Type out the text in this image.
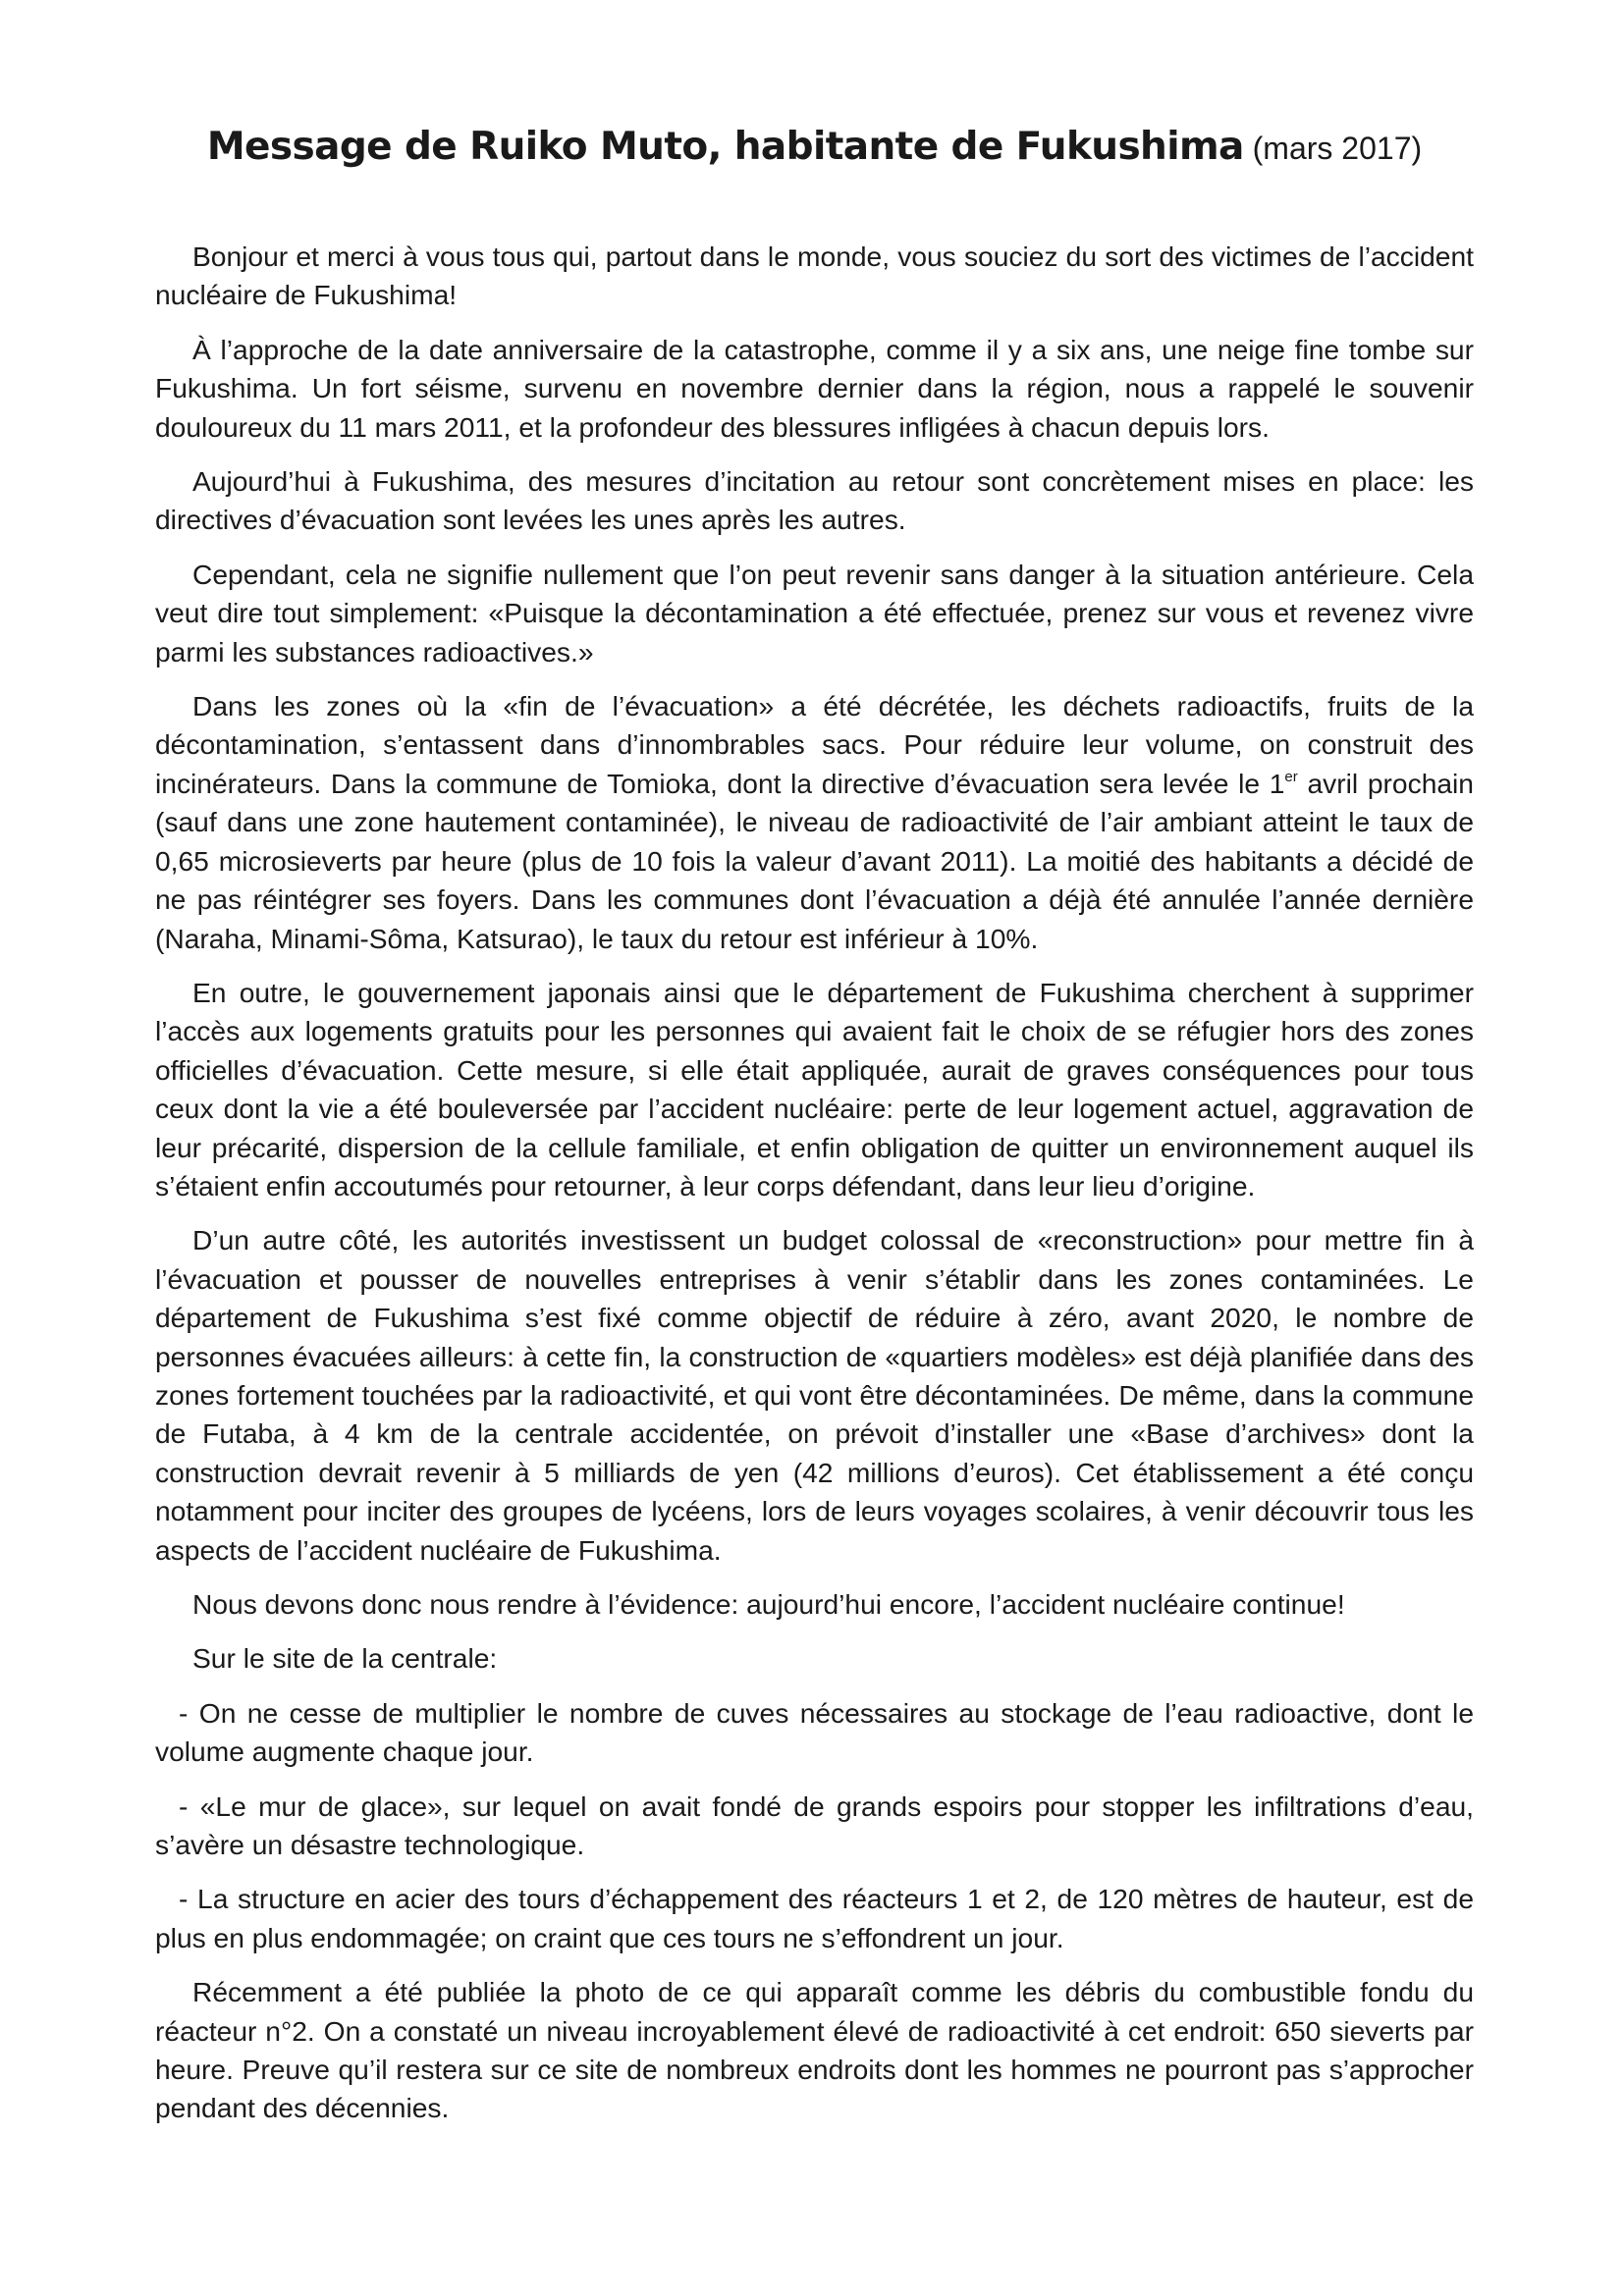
Message de Ruiko Muto, habitante de Fukushima (mars 2017)

Bonjour et merci à vous tous qui, partout dans le monde, vous souciez du sort des victimes de l’accident nucléaire de Fukushima!

À l’approche de la date anniversaire de la catastrophe, comme il y a six ans, une neige fine tombe sur Fukushima. Un fort séisme, survenu en novembre dernier dans la région, nous a rappelé le souvenir douloureux du 11 mars 2011, et la profondeur des blessures infligées à chacun depuis lors.

Aujourd’hui à Fukushima, des mesures d’incitation au retour sont concrètement mises en place: les directives d’évacuation sont levées les unes après les autres.

Cependant, cela ne signifie nullement que l’on peut revenir sans danger à la situation antérieure. Cela veut dire tout simplement: «Puisque la décontamination a été effectuée, prenez sur vous et revenez vivre parmi les substances radioactives.»

Dans les zones où la «fin de l’évacuation» a été décrétée, les déchets radioactifs, fruits de la décontamination, s’entassent dans d’innombrables sacs. Pour réduire leur volume, on construit des incinérateurs. Dans la commune de Tomioka, dont la directive d’évacuation sera levée le 1er avril prochain (sauf dans une zone hautement contaminée), le niveau de radioactivité de l’air ambiant atteint le taux de 0,65 microsieverts par heure (plus de 10 fois la valeur d’avant 2011). La moitié des habitants a décidé de ne pas réintégrer ses foyers. Dans les communes dont l’évacuation a déjà été annulée l’année dernière (Naraha, Minami-Sôma, Katsurao), le taux du retour est inférieur à 10%.

En outre, le gouvernement japonais ainsi que le département de Fukushima cherchent à supprimer l’accès aux logements gratuits pour les personnes qui avaient fait le choix de se réfugier hors des zones officielles d’évacuation. Cette mesure, si elle était appliquée, aurait de graves conséquences pour tous ceux dont la vie a été bouleversée par l’accident nucléaire: perte de leur logement actuel, aggravation de leur précarité, dispersion de la cellule familiale, et enfin obligation de quitter un environnement auquel ils s’étaient enfin accoutumés pour retourner, à leur corps défendant, dans leur lieu d’origine.

D’un autre côté, les autorités investissent un budget colossal de «reconstruction» pour mettre fin à l’évacuation et pousser de nouvelles entreprises à venir s’établir dans les zones contaminées. Le département de Fukushima s’est fixé comme objectif de réduire à zéro, avant 2020, le nombre de personnes évacuées ailleurs: à cette fin, la construction de «quartiers modèles» est déjà planifiée dans des zones fortement touchées par la radioactivité, et qui vont être décontaminées. De même, dans la commune de Futaba, à 4 km de la centrale accidentée, on prévoit d’installer une «Base d’archives» dont la construction devrait revenir à 5 milliards de yen (42 millions d’euros). Cet établissement a été conçu notamment pour inciter des groupes de lycéens, lors de leurs voyages scolaires, à venir découvrir tous les aspects de l’accident nucléaire de Fukushima.

Nous devons donc nous rendre à l’évidence: aujourd’hui encore, l’accident nucléaire continue!

Sur le site de la centrale:

- On ne cesse de multiplier le nombre de cuves nécessaires au stockage de l’eau radioactive, dont le volume augmente chaque jour.

- «Le mur de glace», sur lequel on avait fondé de grands espoirs pour stopper les infiltrations d’eau, s’avère un désastre technologique.

- La structure en acier des tours d’échappement des réacteurs 1 et 2, de 120 mètres de hauteur, est de plus en plus endommagée; on craint que ces tours ne s’effondrent un jour.

Récemment a été publiée la photo de ce qui apparaît comme les débris du combustible fondu du réacteur n°2. On a constaté un niveau incroyablement élevé de radioactivité à cet endroit: 650 sieverts par heure. Preuve qu’il restera sur ce site de nombreux endroits dont les hommes ne pourront pas s’approcher pendant des décennies.
